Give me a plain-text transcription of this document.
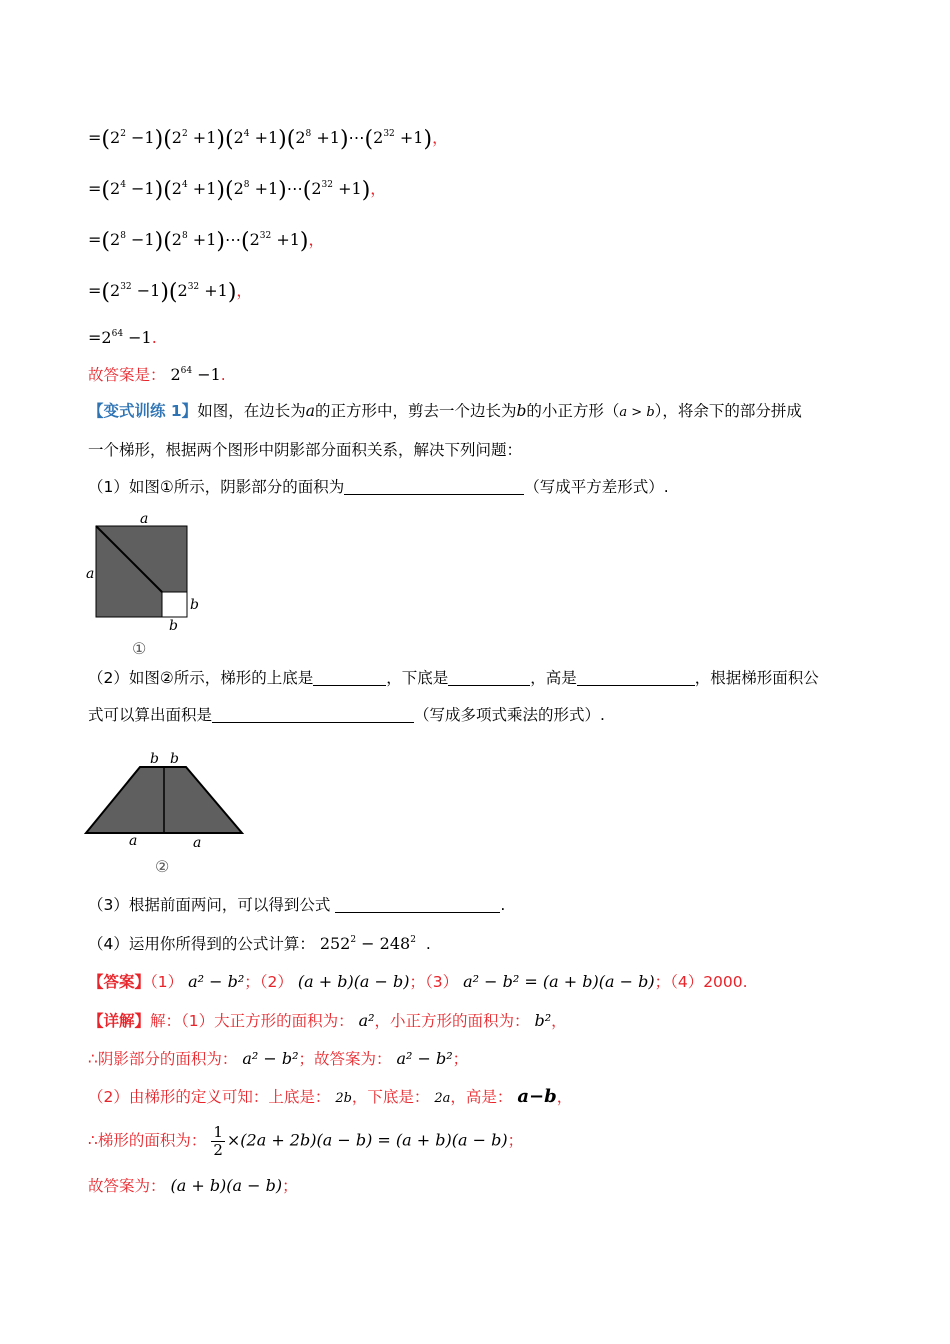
$=(2^2 -1)(2^2 +1)(2^4 +1)(2^8$ $+1)\cdots(2^{32} +1)$，
$=(2^4 -1)(2^4 +1)(2^8$ $+1)\cdots(2^{32} +1)$，
$=(2^8 -1)(2^8$ $+1)\cdots(2^{32} +1)$，
$=(2^{32} -1)(2^{32} +1)$，
$=2^{64} -1$.
故答案是： $2^{64} -1$.
【变式训练 1】如图，在边长为a的正方形中，剪去一个边长为b的小正方形（a > b），将余下的部分拼成
一个梯形，根据两个图形中阴影部分面积关系，解决下列问题：
（1）如图①所示，阴影部分的面积为	（写成平方差形式）.
a
a
b
b
①
（2）如图②所示，梯形的上底是	，下底是	，高是	，根据梯形面积公
式可以算出面积是	（写成多项式乘法的形式）.
b b
a	a
②
（3）根据前面两问，可以得到公式	.
（4）运用你所得到的公式计算： $252^2 - 248^2$ .
【答案】（1） a² − b²；（2） (a + b)(a − b)；（3） a² − b² = (a + b)(a − b)；（4）2000.
【详解】解：（1）大正方形的面积为： a²，小正方形的面积为： b²，
∴阴影部分的面积为： a² − b²；故答案为： a² − b²；
（2）由梯形的定义可知：上底是： 2b，下底是： 2a，高是： a−b，
∴梯形的面积为： $\frac{1}{2} \times(2a + 2b)(a - b) = (a + b)(a - b)$；
故答案为： (a + b)(a − b)；
